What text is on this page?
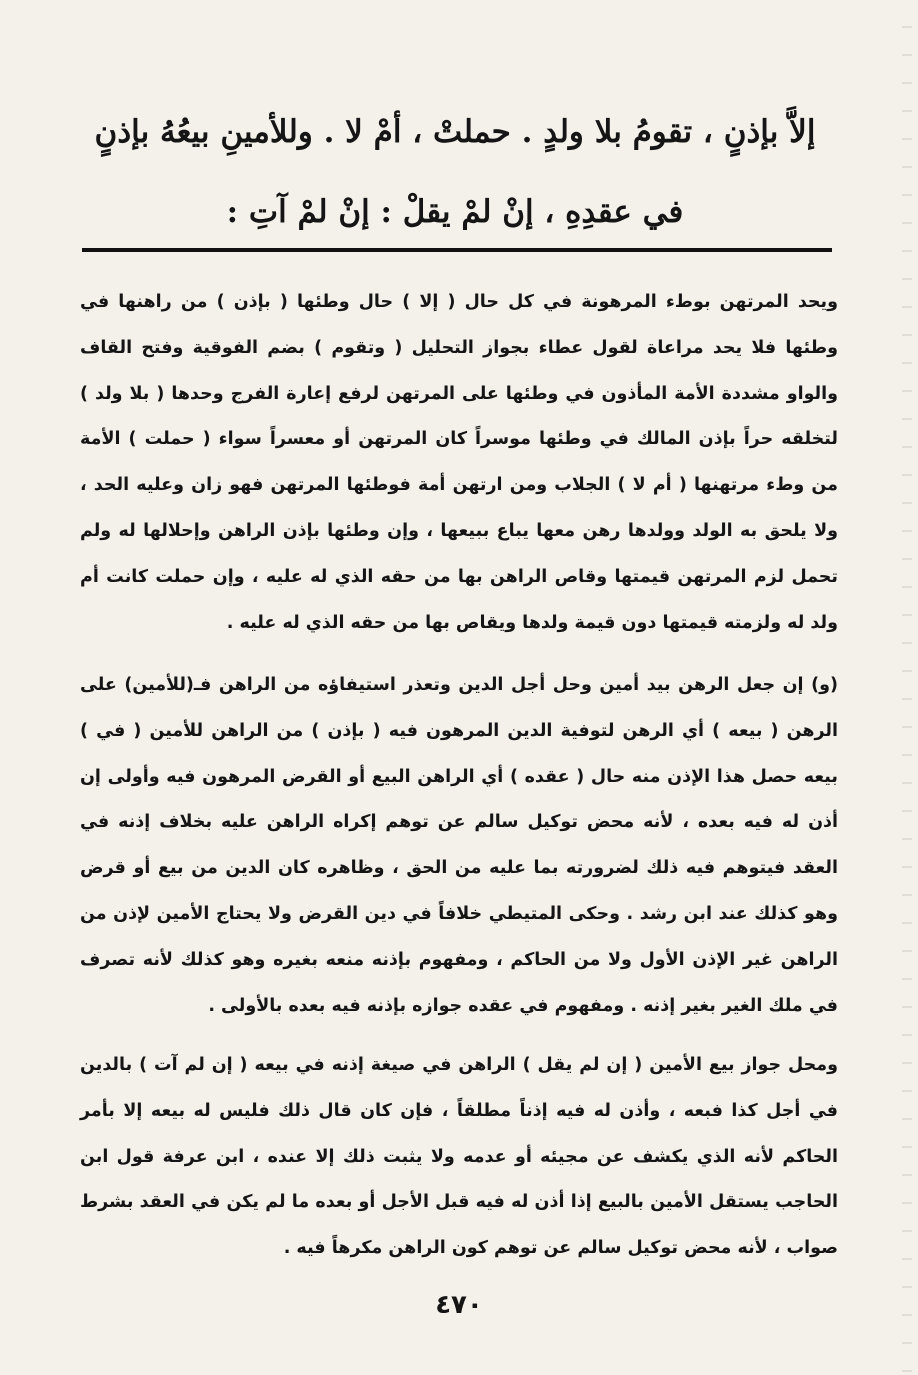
إلاَّ بإذنٍ ، تقومُ بلا ولدٍ . حملتْ ، أمْ لا . وللأمينِ بيعُهُ بإذنٍ
في عقدِهِ ، إنْ لمْ يقلْ : إنْ لمْ آتِ :

ويحد المرتهن بوطء المرهونة في كل حال ( إلا ) حال وطئها ( بإذن ) من راهنها في وطئها فلا يحد مراعاة لقول عطاء بجواز التحليل ( وتقوم ) بضم الفوقية وفتح القاف والواو مشددة الأمة المأذون في وطئها على المرتهن لرفع إعارة الفرج وحدها ( بلا ولد ) لتخلقه حراً بإذن المالك في وطئها موسراً كان المرتهن أو معسراً سواء ( حملت ) الأمة من وطء مرتهنها ( أم لا ) الجلاب ومن ارتهن أمة فوطئها المرتهن فهو زان وعليه الحد ، ولا يلحق به الولد وولدها رهن معها يباع ببيعها ، وإن وطئها بإذن الراهن وإحلالها له ولم تحمل لزم المرتهن قيمتها وقاص الراهن بها من حقه الذي له عليه ، وإن حملت كانت أم ولد له ولزمته قيمتها دون قيمة ولدها ويقاص بها من حقه الذي له عليه .

(و) إن جعل الرهن بيد أمين وحل أجل الدين وتعذر استيفاؤه من الراهن فـ(للأمين) على الرهن ( بيعه ) أي الرهن لتوفية الدين المرهون فيه ( بإذن ) من الراهن للأمين ( في ) بيعه حصل هذا الإذن منه حال ( عقده ) أي الراهن البيع أو القرض المرهون فيه وأولى إن أذن له فيه بعده ، لأنه محض توكيل سالم عن توهم إكراه الراهن عليه بخلاف إذنه في العقد فيتوهم فيه ذلك لضرورته بما عليه من الحق ، وظاهره كان الدين من بيع أو قرض وهو كذلك عند ابن رشد . وحكى المتيطي خلافاً في دين القرض ولا يحتاج الأمين لإذن من الراهن غير الإذن الأول ولا من الحاكم ، ومفهوم بإذنه منعه بغيره وهو كذلك لأنه تصرف في ملك الغير بغير إذنه . ومفهوم في عقده جوازه بإذنه فيه بعده بالأولى .

ومحل جواز بيع الأمين ( إن لم يقل ) الراهن في صيغة إذنه في بيعه ( إن لم آت ) بالدين في أجل كذا فبعه ، وأذن له فيه إذناً مطلقاً ، فإن كان قال ذلك فليس له بيعه إلا بأمر الحاكم لأنه الذي يكشف عن مجيئه أو عدمه ولا يثبت ذلك إلا عنده ، ابن عرفة قول ابن الحاجب يستقل الأمين بالبيع إذا أذن له فيه قبل الأجل أو بعده ما لم يكن في العقد بشرط صواب ، لأنه محض توكيل سالم عن توهم كون الراهن مكرهاً فيه .

٤٧٠
